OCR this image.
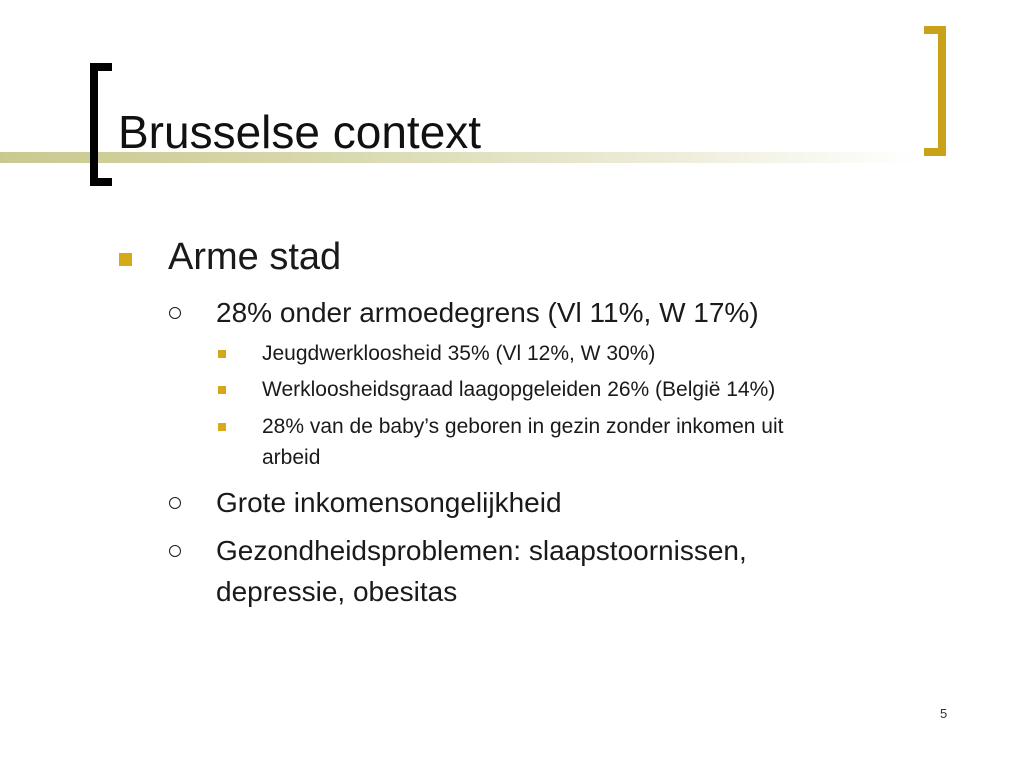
Brusselse context
Arme stad
28% onder armoedegrens (Vl 11%, W 17%)
Jeugdwerkloosheid 35% (Vl 12%, W 30%)
Werkloosheidsgraad laagopgeleiden 26% (België 14%)
28% van de baby’s geboren in gezin zonder inkomen uit
arbeid
Grote inkomensongelijkheid
Gezondheidsproblemen: slaapstoornissen,
depressie, obesitas
5
